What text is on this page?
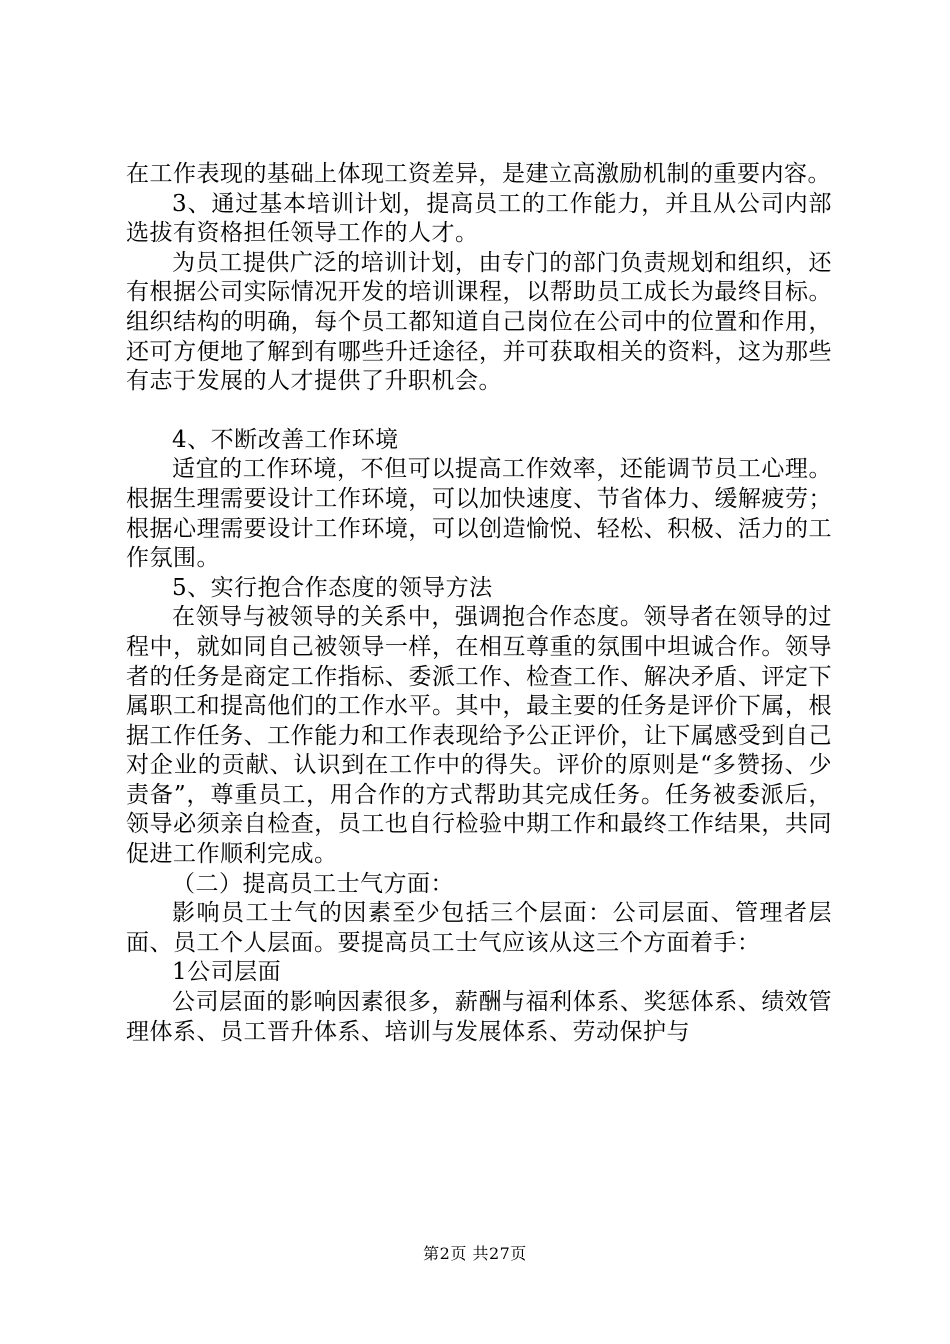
在工作表现的基础上体现工资差异，是建立高激励机制的重要内容。

3、通过基本培训计划，提高员工的工作能力，并且从公司内部选拔有资格担任领导工作的人才。

为员工提供广泛的培训计划，由专门的部门负责规划和组织，还有根据公司实际情况开发的培训课程，以帮助员工成长为最终目标。组织结构的明确，每个员工都知道自己岗位在公司中的位置和作用，还可方便地了解到有哪些升迁途径，并可获取相关的资料，这为那些有志于发展的人才提供了升职机会。

4、不断改善工作环境

适宜的工作环境，不但可以提高工作效率，还能调节员工心理。根据生理需要设计工作环境，可以加快速度、节省体力、缓解疲劳；根据心理需要设计工作环境，可以创造愉悦、轻松、积极、活力的工作氛围。

5、实行抱合作态度的领导方法

在领导与被领导的关系中，强调抱合作态度。领导者在领导的过程中，就如同自己被领导一样，在相互尊重的氛围中坦诚合作。领导者的任务是商定工作指标、委派工作、检查工作、解决矛盾、评定下属职工和提高他们的工作水平。其中，最主要的任务是评价下属，根据工作任务、工作能力和工作表现给予公正评价，让下属感受到自己对企业的贡献、认识到在工作中的得失。评价的原则是“多赞扬、少责备”，尊重员工，用合作的方式帮助其完成任务。任务被委派后，领导必须亲自检查，员工也自行检验中期工作和最终工作结果，共同促进工作顺利完成。

（二）提高员工士气方面：

影响员工士气的因素至少包括三个层面：公司层面、管理者层面、员工个人层面。要提高员工士气应该从这三个方面着手：

1公司层面

公司层面的影响因素很多，薪酬与福利体系、奖惩体系、绩效管理体系、员工晋升体系、培训与发展体系、劳动保护与

第2页 共27页
